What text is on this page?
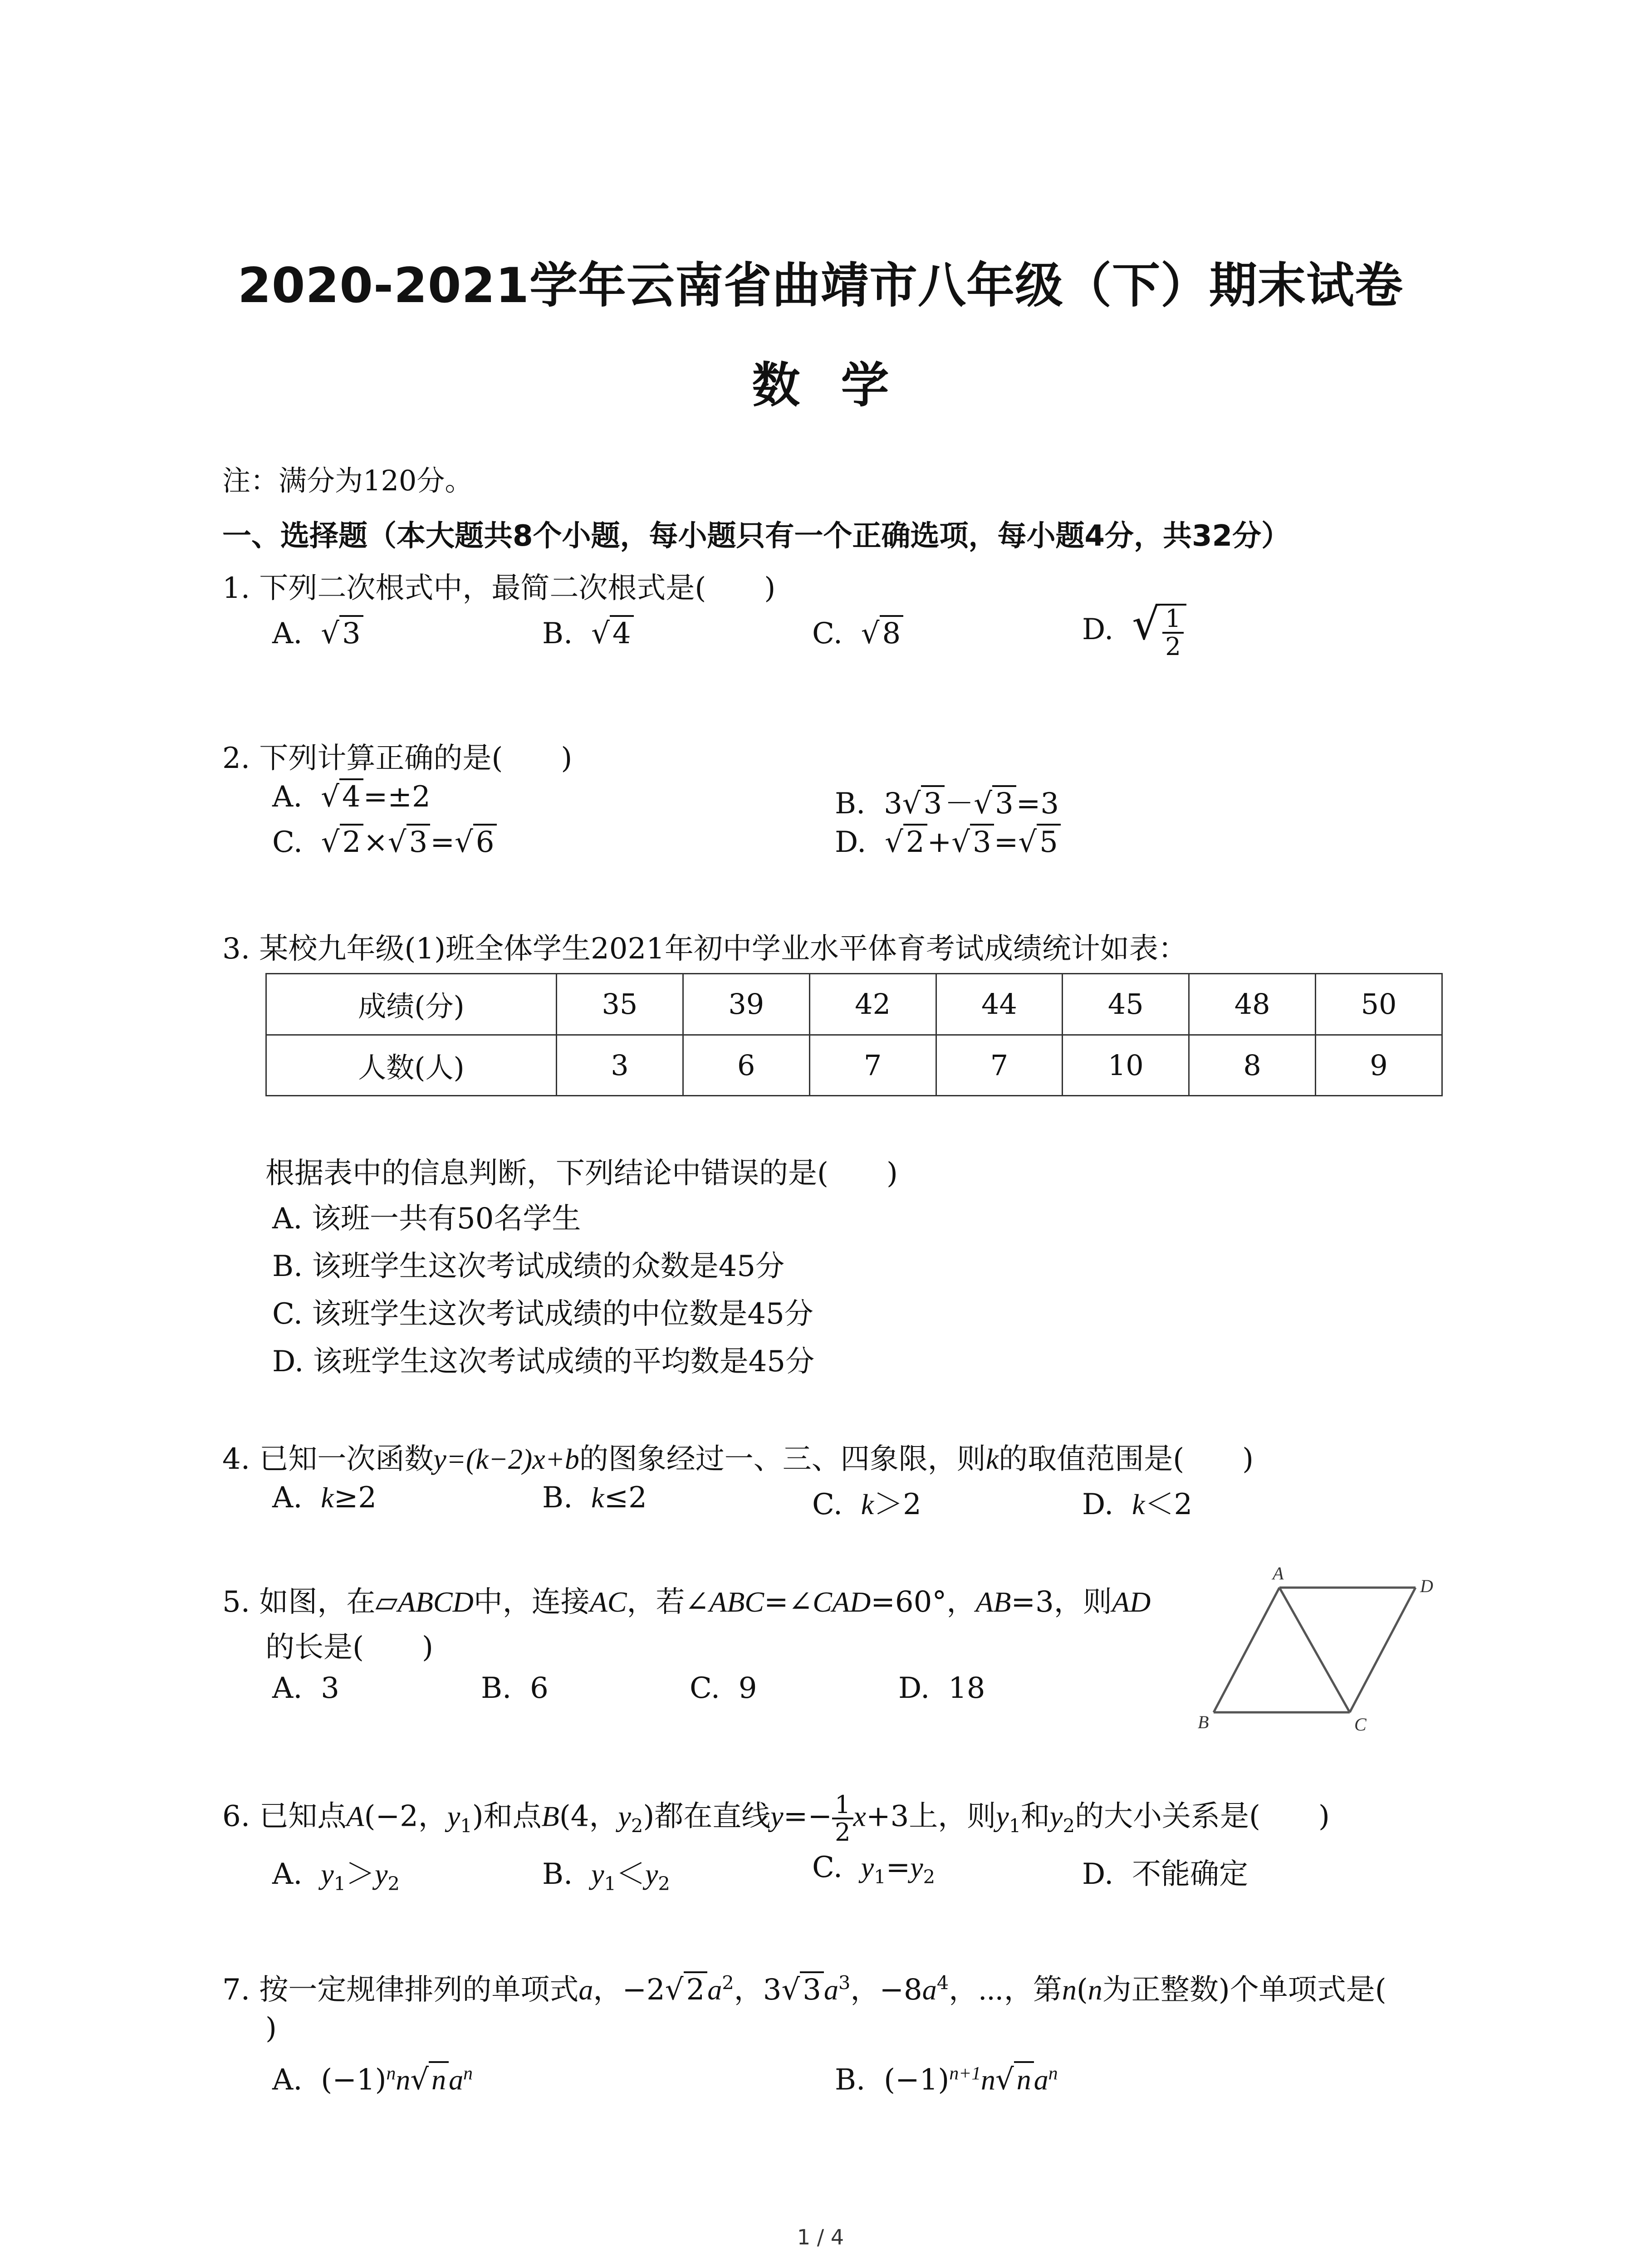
2020-2021学年云南省曲靖市八年级（下）期末试卷
数学
注：满分为120分。
一、选择题（本大题共8个小题，每小题只有一个正确选项，每小题4分，共32分）
1. 下列二次根式中，最简二次根式是(　　)
A. √3	B. √4	C. √8	D. √ $\frac{1}{2}$
2. 下列计算正确的是(　　)
A. √4=±2	B. 3√3－√3=3
C. √2×√3=√6	D. √2+√3=√5
3. 某校九年级(1)班全体学生2021年初中学业水平体育考试成绩统计如表：
成绩(分)	35	39	42	44	45	48	50
人数(人)	3	6	7	7	10	8	9
根据表中的信息判断，下列结论中错误的是(　　)
A. 该班一共有50名学生
B. 该班学生这次考试成绩的众数是45分
C. 该班学生这次考试成绩的中位数是45分
D. 该班学生这次考试成绩的平均数是45分
4. 已知一次函数y=(k−2)x+b的图象经过一、三、四象限，则k的取值范围是(　　)
A. k≥2	B. k≤2	C. k＞2	D. k＜2
5. 如图，在▱ABCD中，连接AC，若∠ABC=∠CAD=60°，AB=3，则AD
的长是(　　)
A. 3	B. 6	C. 9	D. 18
A
D
B	C
6. 已知点A(−2，$y_1$)和点B(4，$y_2$)都在直线$y=- \frac{1}{2} x+3$上，则$y_1$和$y_2$的大小关系是(　　)
A. $y_1>y_2$	B. $y_1<y_2$	C. $y_1=y_2$	D. 不能确定
7. 按一定规律排列的单项式a，$-2√2a^2$，$3√3a^3$，$-8a^4$，⋯，第n(n为正整数)个单项式是(
)
A. $(-1)^nn√na^n$	B. $(-1)^{n+1}n√na^n$
1 / 4
